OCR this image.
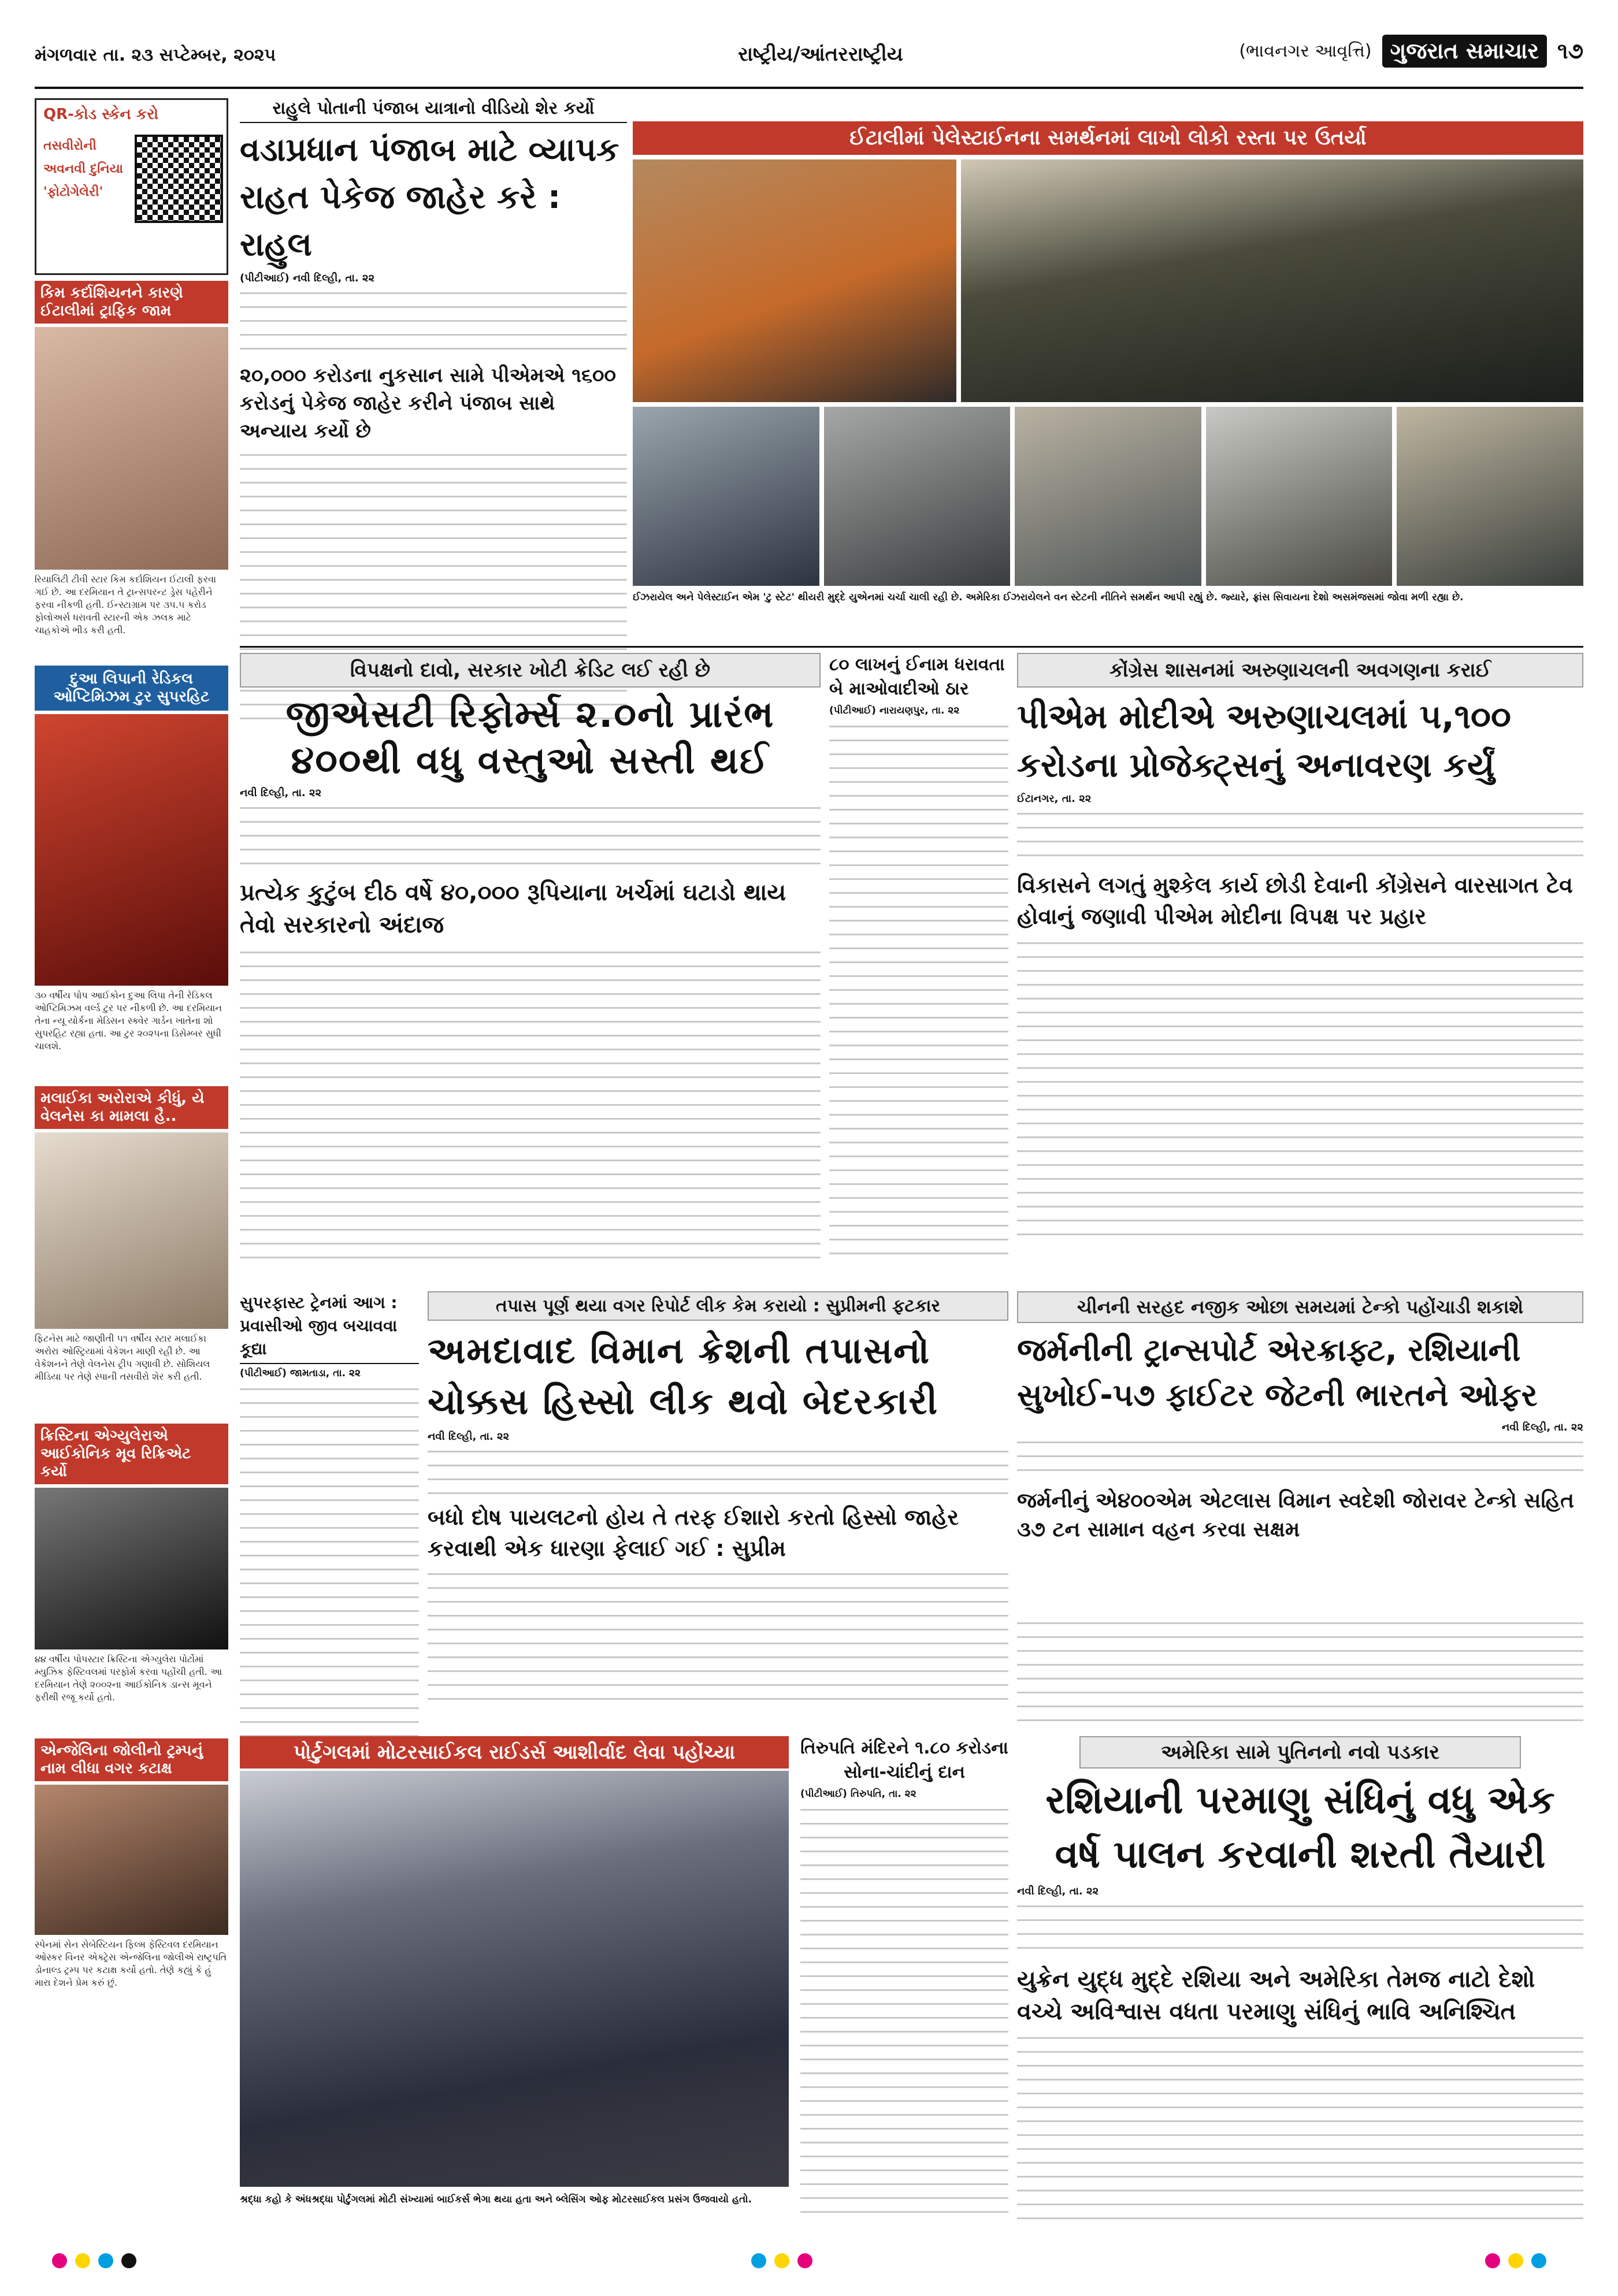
મંગળવાર તા. ૨૩ સપ્ટેમ્બર, ૨૦૨૫	રાષ્ટ્રીય/આંતરરાષ્ટ્રીય	(ભાવનગર આવૃત્તિ) ગુજરાત સમાચાર ૧૭
QR-કોડ સ્કેન કરો
તસવીરોની અવનવી દુનિયા 'ફોટોગેલેરી'
કિમ કર્દાશિયનને કારણે ઈટાલીમાં ટ્રાફિક જામ
રિયાલિટી ટીવી સ્ટાર કિમ કર્દાશિયન ઈટાલી ફરવા ગઈ છે. આ દરમિયાન તે ટ્રાન્સપરન્ટ ડ્રેસ પહેરીને ફરવા નીકળી હતી. ઈન્સ્ટાગ્રામ પર ૩૫.૫ કરોડ ફોલોઅર્સ ધરાવતી સ્ટારની એક ઝલક માટે ચાહકોએ ભીડ કરી હતી.
દુઆ લિપાની રેડિકલ ઓપ્ટિમિઝમ ટુર સુપરહિટ
૩૦ વર્ષીય પોપ આઈકોન દુઆ લિપા તેની રેડિકલ ઓપ્ટિમિઝમ વર્લ્ડ ટુર પર નીકળી છે. આ દરમિયાન તેના ન્યૂ યોર્કના મેડિસન સ્ક્વેર ગાર્ડન ખાતેના શો સુપરહિટ રહ્યા હતા. આ ટુર ૨૦૨૫ના ડિસેમ્બર સુધી ચાલશે.
મલાઈકા અરોરાએ કીધું, યે વેલનેસ કા મામલા હૈ..
ફિટનેસ માટે જાણીતી ૫૧ વર્ષીય સ્ટાર મલાઈકા અરોરા ઓસ્ટ્રિયામાં વેકેશન માણી રહી છે. આ વેકેશનને તેણે વેલનેસ ટ્રીપ ગણાવી છે. સોશિયલ મીડિયા પર તેણે સ્પાની તસવીરો શેર કરી હતી.
ક્રિસ્ટિના એગ્યુલેરાએ આઈકોનિક મૂવ રિક્રિએટ કર્યો
૪૪ વર્ષીય પોપસ્ટાર ક્રિસ્ટિના એગ્યુલેરા પોર્ટોમાં મ્યુઝિક ફેસ્ટિવલમાં પરફોર્મ કરવા પહોંચી હતી. આ દરમિયાન તેણે ૨૦૦૨ના આઈકોનિક ડાન્સ મૂવને ફરીથી રજૂ કર્યો હતો.
એન્જેલિના જોલીનો ટ્રમ્પનું નામ લીધા વગર કટાક્ષ
સ્પેનમાં સેન સેબેસ્ટિયન ફિલ્મ ફેસ્ટિવલ દરમિયાન ઓસ્કર વિનર એક્ટ્રેસ એન્જેલિના જોલીએ રાષ્ટ્રપતિ ડોનાલ્ડ ટ્રમ્પ પર કટાક્ષ કર્યો હતો. તેણે કહ્યું કે હું મારા દેશને પ્રેમ કરું છું.
રાહુલે પોતાની પંજાબ યાત્રાનો વીડિયો શેર કર્યો
વડાપ્રધાન પંજાબ માટે વ્યાપક રાહત પેકેજ જાહેર કરે : રાહુલ
(પીટીઆઈ) નવી દિલ્હી, તા. ૨૨
૨૦,૦૦૦ કરોડના નુકસાન સામે પીએમએ ૧૬૦૦ કરોડનું પેકેજ જાહેર કરીને પંજાબ સાથે અન્યાય કર્યો છે
ઈટાલીમાં પેલેસ્ટાઈનના સમર્થનમાં લાખો લોકો રસ્તા પર ઉતર્યા
ઈઝરાયેલ અને પેલેસ્ટાઈન એમ 'ટુ સ્ટેટ' થીયરી મુદ્દે યુએનમાં ચર્ચા ચાલી રહી છે. અમેરિકા ઈઝરાયેલને વન સ્ટેટની નીતિને સમર્થન આપી રહ્યું છે. જ્યારે, ફ્રાંસ સિવાયના દેશો અસમંજસમાં જોવા મળી રહ્યા છે.
વિપક્ષનો દાવો, સરકાર ખોટી ક્રેડિટ લઈ રહી છે
જીએસટી રિફોર્મ્સ ૨.૦નો પ્રારંભ
૪૦૦થી વધુ વસ્તુઓ સસ્તી થઈ
નવી દિલ્હી, તા. ૨૨
પ્રત્યેક કુટુંબ દીઠ વર્ષે ૪૦,૦૦૦ રૂપિયાના ખર્ચમાં ઘટાડો થાય તેવો સરકારનો અંદાજ
૮૦ લાખનું ઈનામ ધરાવતા બે માઓવાદીઓ ઠાર
(પીટીઆઈ) નારાયણપુર, તા. ૨૨
કોંગ્રેસ શાસનમાં અરુણાચલની અવગણના કરાઈ
પીએમ મોદીએ અરુણાચલમાં ૫,૧૦૦ કરોડના પ્રોજેક્ટ્સનું અનાવરણ કર્યું
ઈટાનગર, તા. ૨૨
વિકાસને લગતું મુશ્કેલ કાર્ય છોડી દેવાની કોંગ્રેસને વારસાગત ટેવ હોવાનું જણાવી પીએમ મોદીના વિપક્ષ પર પ્રહાર
સુપરફાસ્ટ ટ્રેનમાં આગ : પ્રવાસીઓ જીવ બચાવવા કૂદ્યા
(પીટીઆઈ) જામતાડા, તા. ૨૨
તપાસ પૂર્ણ થયા વગર રિપોર્ટ લીક કેમ કરાયો : સુપ્રીમની ફટકાર
અમદાવાદ વિમાન ક્રેશની તપાસનો ચોક્કસ હિસ્સો લીક થવો બેદરકારી
નવી દિલ્હી, તા. ૨૨
બધો દોષ પાયલટનો હોય તે તરફ ઈશારો કરતો હિસ્સો જાહેર કરવાથી એક ધારણા ફેલાઈ ગઈ : સુપ્રીમ
ચીનની સરહદ નજીક ઓછા સમયમાં ટેન્કો પહોંચાડી શકાશે
જર્મનીની ટ્રાન્સપોર્ટ એરક્રાફ્ટ, રશિયાની સુખોઈ-૫૭ ફાઈટર જેટની ભારતને ઓફર
નવી દિલ્હી, તા. ૨૨
જર્મનીનું એ૪૦૦એમ એટલાસ વિમાન સ્વદેશી જોરાવર ટેન્કો સહિત ૩૭ ટન સામાન વહન કરવા સક્ષમ
પોર્ટુગલમાં મોટરસાઈકલ રાઈડર્સ આશીર્વાદ લેવા પહોંચ્યા
શ્રદ્ધા કહો કે અંધશ્રદ્ધા પોર્ટુગલમાં મોટી સંખ્યામાં બાઈકર્સ ભેગા થયા હતા અને બ્લેસિંગ ઓફ મોટરસાઈકલ પ્રસંગ ઉજવાયો હતો.
તિરુપતિ મંદિરને ૧.૮૦ કરોડના સોના-ચાંદીનું દાન
(પીટીઆઈ) તિરુપતિ, તા. ૨૨
અમેરિકા સામે પુતિનનો નવો પડકાર
રશિયાની પરમાણુ સંધિનું વધુ એક વર્ષ પાલન કરવાની શરતી તૈયારી
નવી દિલ્હી, તા. ૨૨
યુક્રેન યુદ્ધ મુદ્દે રશિયા અને અમેરિકા તેમજ નાટો દેશો વચ્ચે અવિશ્વાસ વધતા પરમાણુ સંધિનું ભાવિ અનિશ્ચિત
